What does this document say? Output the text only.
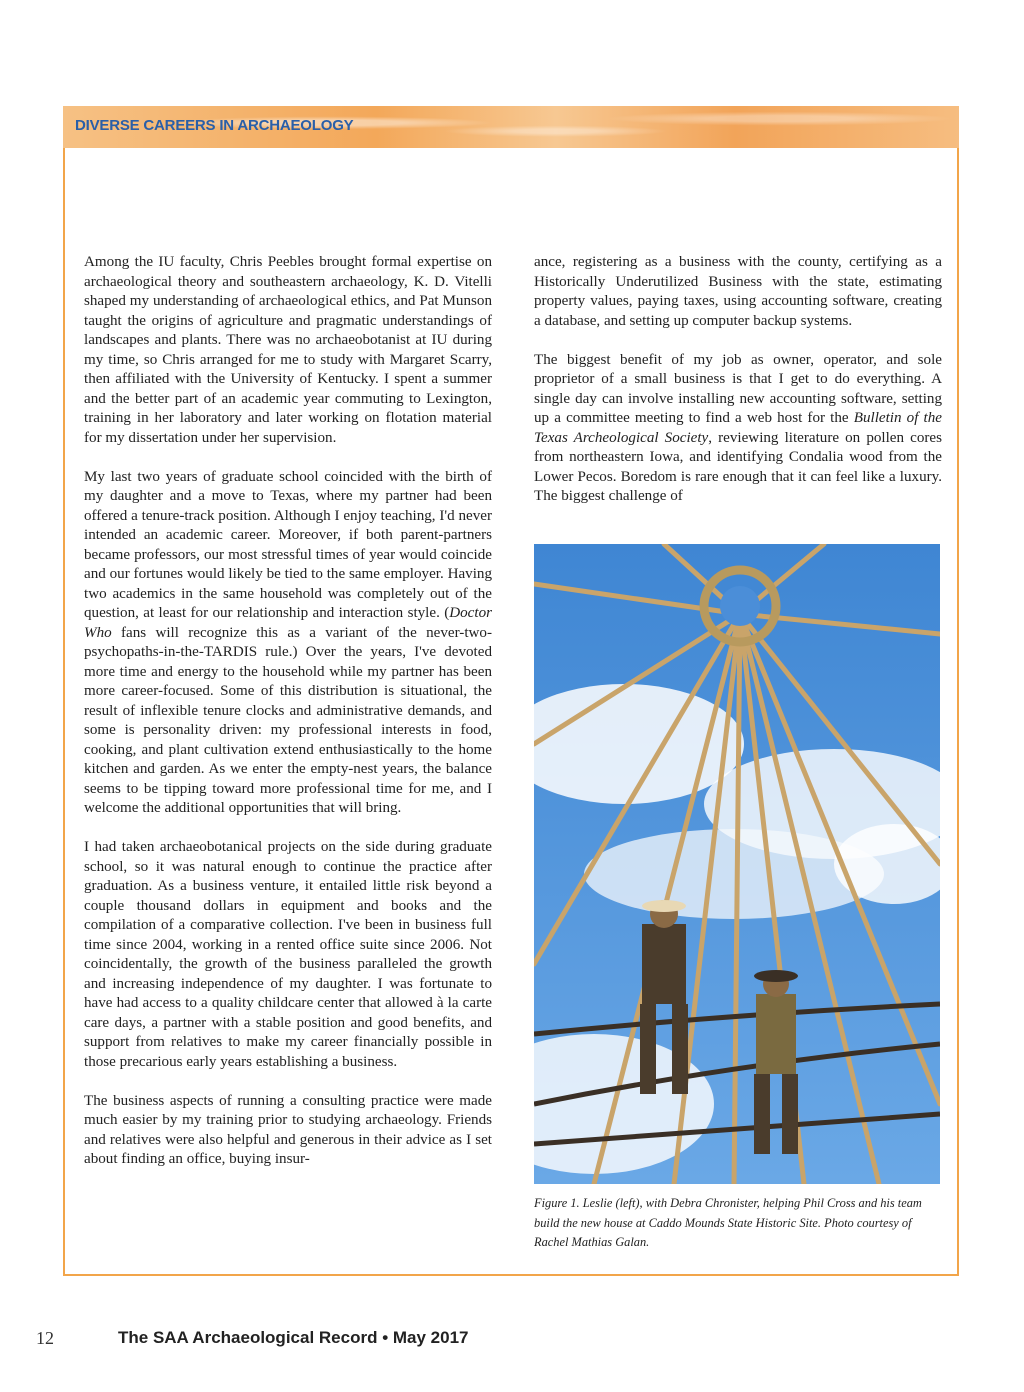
DIVERSE CAREERS IN ARCHAEOLOGY

Among the IU faculty, Chris Peebles brought formal expertise on archaeological theory and southeastern archaeology, K. D. Vitelli shaped my understanding of archaeological ethics, and Pat Munson taught the origins of agriculture and pragmatic understandings of landscapes and plants. There was no archaeobotanist at IU during my time, so Chris arranged for me to study with Margaret Scarry, then affiliated with the University of Kentucky. I spent a summer and the better part of an academic year commuting to Lexington, training in her laboratory and later working on flotation material for my dissertation under her supervision.

My last two years of graduate school coincided with the birth of my daughter and a move to Texas, where my partner had been offered a tenure-track position. Although I enjoy teaching, I'd never intended an academic career. Moreover, if both parent-partners became professors, our most stressful times of year would coincide and our fortunes would likely be tied to the same employer. Having two academics in the same household was completely out of the question, at least for our relationship and interaction style. (Doctor Who fans will recognize this as a variant of the never-two-psychopaths-in-the-TARDIS rule.) Over the years, I've devoted more time and energy to the household while my partner has been more career-focused. Some of this distribution is situational, the result of inflexible tenure clocks and administrative demands, and some is personality driven: my professional interests in food, cooking, and plant cultivation extend enthusiastically to the home kitchen and garden. As we enter the empty-nest years, the balance seems to be tipping toward more professional time for me, and I welcome the additional opportunities that will bring.

I had taken archaeobotanical projects on the side during graduate school, so it was natural enough to continue the practice after graduation. As a business venture, it entailed little risk beyond a couple thousand dollars in equipment and books and the compilation of a comparative collection. I've been in business full time since 2004, working in a rented office suite since 2006. Not coincidentally, the growth of the business paralleled the growth and increasing independence of my daughter. I was fortunate to have had access to a quality childcare center that allowed à la carte care days, a partner with a stable position and good benefits, and support from relatives to make my career financially possible in those precarious early years establishing a business.

The business aspects of running a consulting practice were made much easier by my training prior to studying archaeology. Friends and relatives were also helpful and generous in their advice as I set about finding an office, buying insur-

ance, registering as a business with the county, certifying as a Historically Underutilized Business with the state, estimating property values, paying taxes, using accounting software, creating a database, and setting up computer backup systems.

The biggest benefit of my job as owner, operator, and sole proprietor of a small business is that I get to do everything. A single day can involve installing new accounting software, setting up a committee meeting to find a web host for the Bulletin of the Texas Archeological Society, reviewing literature on pollen cores from northeastern Iowa, and identifying Condalia wood from the Lower Pecos. Boredom is rare enough that it can feel like a luxury. The biggest challenge of

Figure 1. Leslie (left), with Debra Chronister, helping Phil Cross and his team build the new house at Caddo Mounds State Historic Site. Photo courtesy of Rachel Mathias Galan.
12	The SAA Archaeological Record • May 2017
